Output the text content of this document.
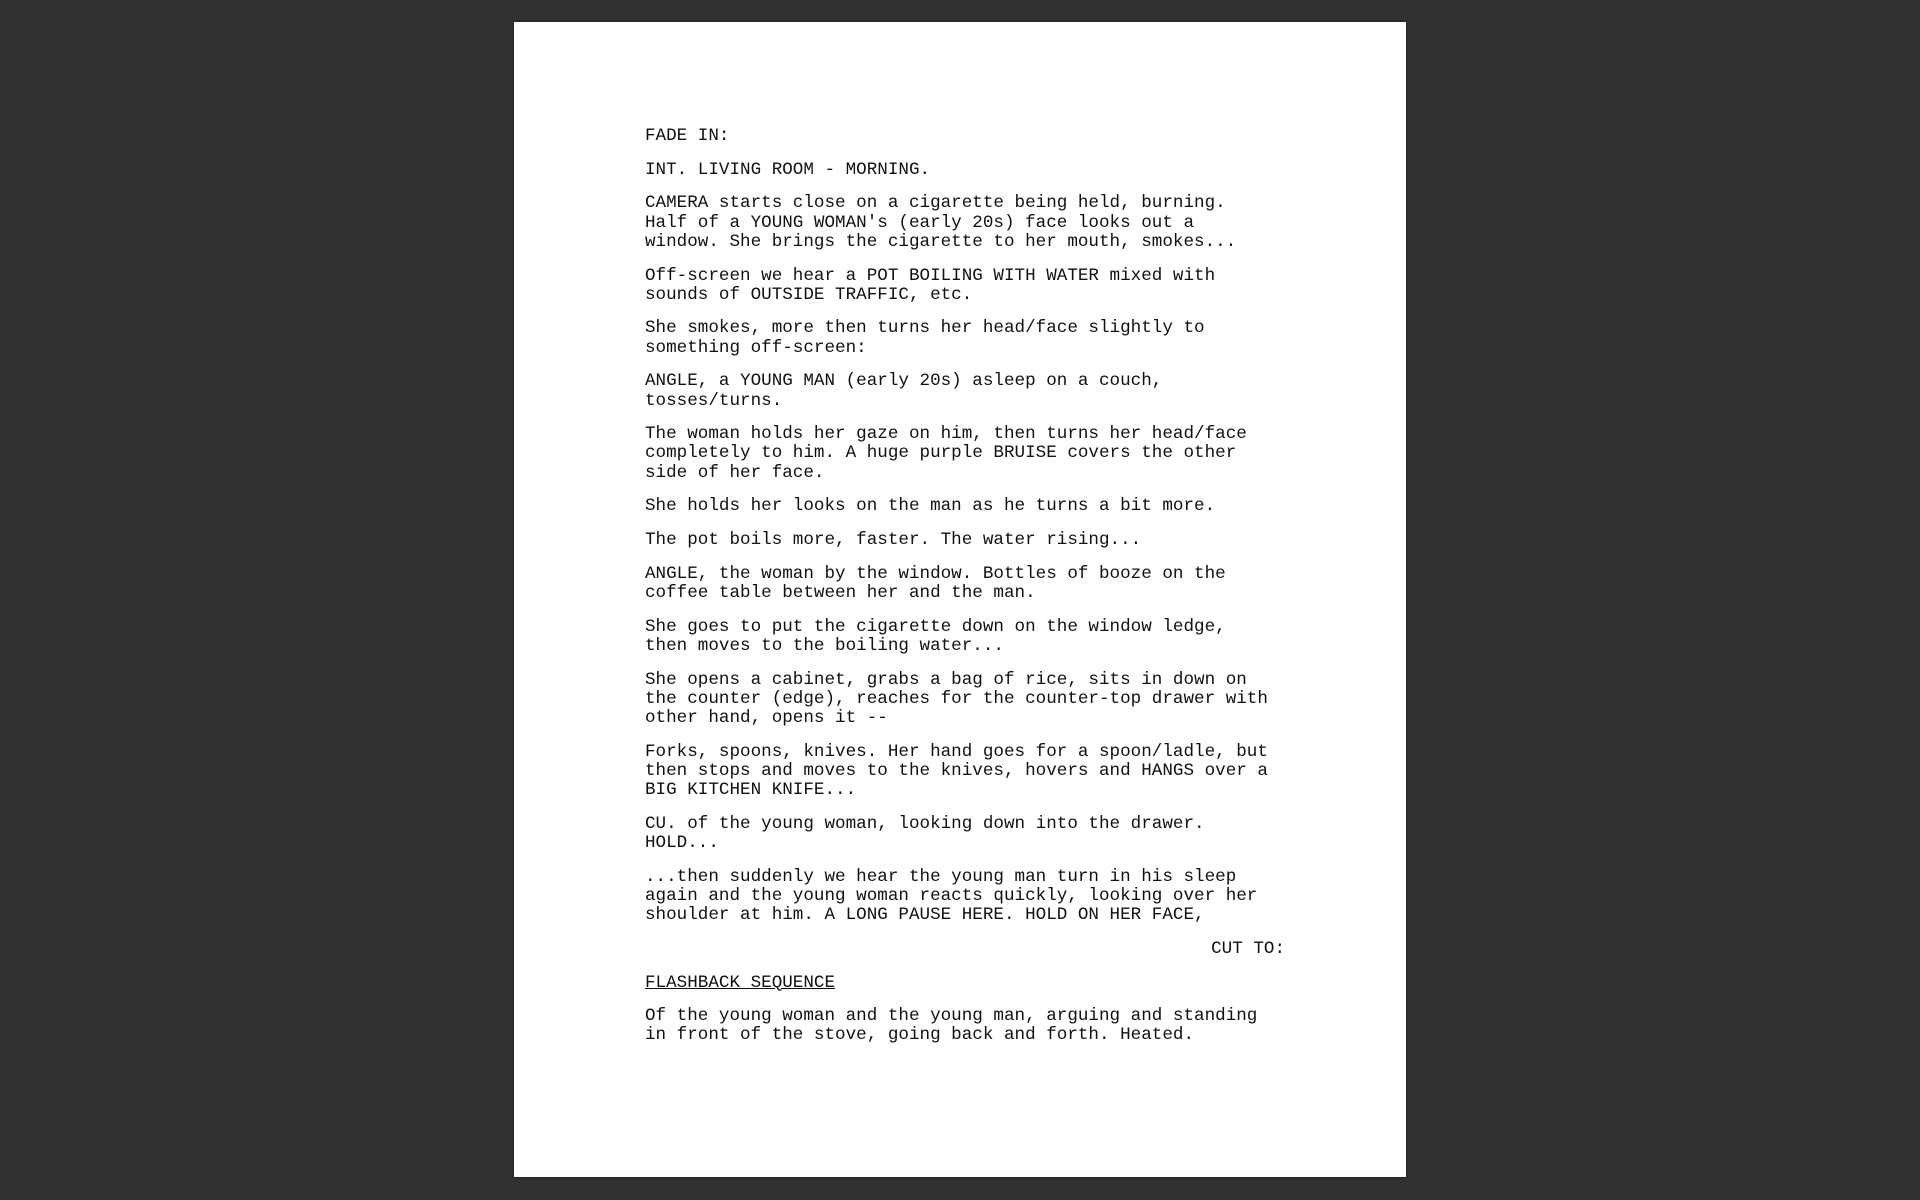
FADE IN:
INT. LIVING ROOM - MORNING.
CAMERA starts close on a cigarette being held, burning.
Half of a YOUNG WOMAN's (early 20s) face looks out a
window. She brings the cigarette to her mouth, smokes...
Off-screen we hear a POT BOILING WITH WATER mixed with
sounds of OUTSIDE TRAFFIC, etc.
She smokes, more then turns her head/face slightly to
something off-screen:
ANGLE, a YOUNG MAN (early 20s) asleep on a couch,
tosses/turns.
The woman holds her gaze on him, then turns her head/face
completely to him. A huge purple BRUISE covers the other
side of her face.
She holds her looks on the man as he turns a bit more.
The pot boils more, faster. The water rising...
ANGLE, the woman by the window. Bottles of booze on the
coffee table between her and the man.
She goes to put the cigarette down on the window ledge,
then moves to the boiling water...
She opens a cabinet, grabs a bag of rice, sits in down on
the counter (edge), reaches for the counter-top drawer with
other hand, opens it --
Forks, spoons, knives. Her hand goes for a spoon/ladle, but
then stops and moves to the knives, hovers and HANGS over a
BIG KITCHEN KNIFE...
CU. of the young woman, looking down into the drawer.
HOLD...
...then suddenly we hear the young man turn in his sleep
again and the young woman reacts quickly, looking over her
shoulder at him. A LONG PAUSE HERE. HOLD ON HER FACE,
CUT TO:
FLASHBACK SEQUENCE
Of the young woman and the young man, arguing and standing
in front of the stove, going back and forth. Heated.
